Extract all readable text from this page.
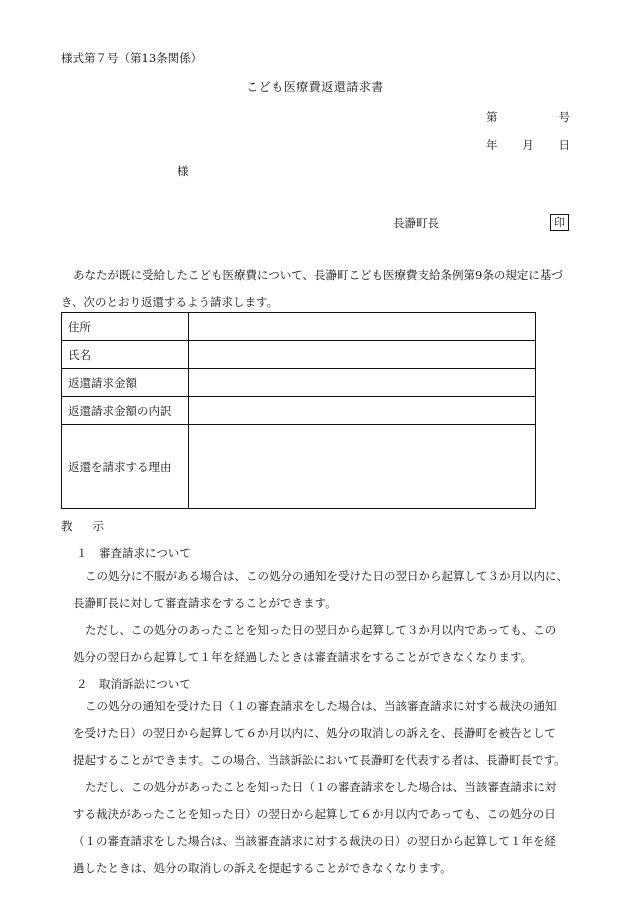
様式第７号（第13条関係）
こども医療費返還請求書
第	号
年 月 日
様
長瀞町長	印
あなたが既に受給したこども医療費について、長瀞町こども医療費支給条例第9条の規定に基づ
き、次のとおり返還するよう請求します。
住所	
氏名	
返還請求金額	
返還請求金額の内訳	
返還を請求する理由	
教 示
１　審査請求について
この処分に不服がある場合は、この処分の通知を受けた日の翌日から起算して３か月以内に、
長瀞町長に対して審査請求をすることができます。
ただし、この処分のあったことを知った日の翌日から起算して３か月以内であっても、この
処分の翌日から起算して１年を経過したときは審査請求をすることができなくなります。
２　取消訴訟について
この処分の通知を受けた日（１の審査請求をした場合は、当該審査請求に対する裁決の通知
を受けた日）の翌日から起算して６か月以内に、処分の取消しの訴えを、長瀞町を被告として
提起することができます。この場合、当該訴訟において長瀞町を代表する者は、長瀞町長です。
ただし、この処分があったことを知った日（１の審査請求をした場合は、当該審査請求に対
する裁決があったことを知った日）の翌日から起算して６か月以内であっても、この処分の日
（１の審査請求をした場合は、当該審査請求に対する裁決の日）の翌日から起算して１年を経
過したときは、処分の取消しの訴えを提起することができなくなります。
